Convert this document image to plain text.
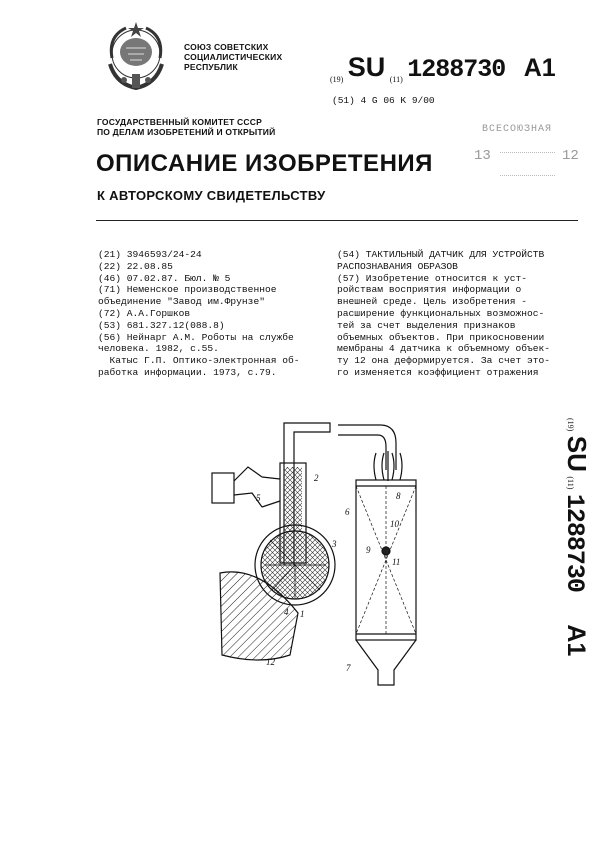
СОЮЗ СОВЕТСКИХ
СОЦИАЛИСТИЧЕСКИХ
РЕСПУБЛИК
(19) SU (11) 1288730 A1
(51) 4 G 06 K 9/00
ГОСУДАРСТВЕННЫЙ КОМИТЕТ СССР
ПО ДЕЛАМ ИЗОБРЕТЕНИЙ И ОТКРЫТИЙ	ВСЕСОЮЗНАЯ
13	12
ОПИСАНИЕ ИЗОБРЕТЕНИЯ
К АВТОРСКОМУ СВИДЕТЕЛЬСТВУ
(21) 3946593/24-24
(22) 22.08.85
(46) 07.02.87. Бюл. № 5
(71) Неменское производственное
объединение "Завод им.Фрунзе"
(72) А.А.Горшков
(53) 681.327.12(088.8)
(56) Нейнарг А.М. Роботы на службе
человека. 1982, с.55.
Катыс Г.П. Оптико-электронная об-
работка информации. 1973, с.79.
(54) ТАКТИЛЬНЫЙ ДАТЧИК ДЛЯ УСТРОЙСТВ
РАСПОЗНАВАНИЯ ОБРАЗОВ
(57) Изобретение относится к уст-
ройствам восприятия информации о
внешней среде. Цель изобретения -
расширение функциональных возможнос-
тей за счет выделения признаков
объемных объектов. При прикосновении
мембраны 4 датчика к объемному объек-
ту 12 она деформируется. За счет это-
го изменяется коэффициент отражения
(19) SU (11) 1288730 A1
1
2
3
4
5
6
7
8
9
10
11
12
